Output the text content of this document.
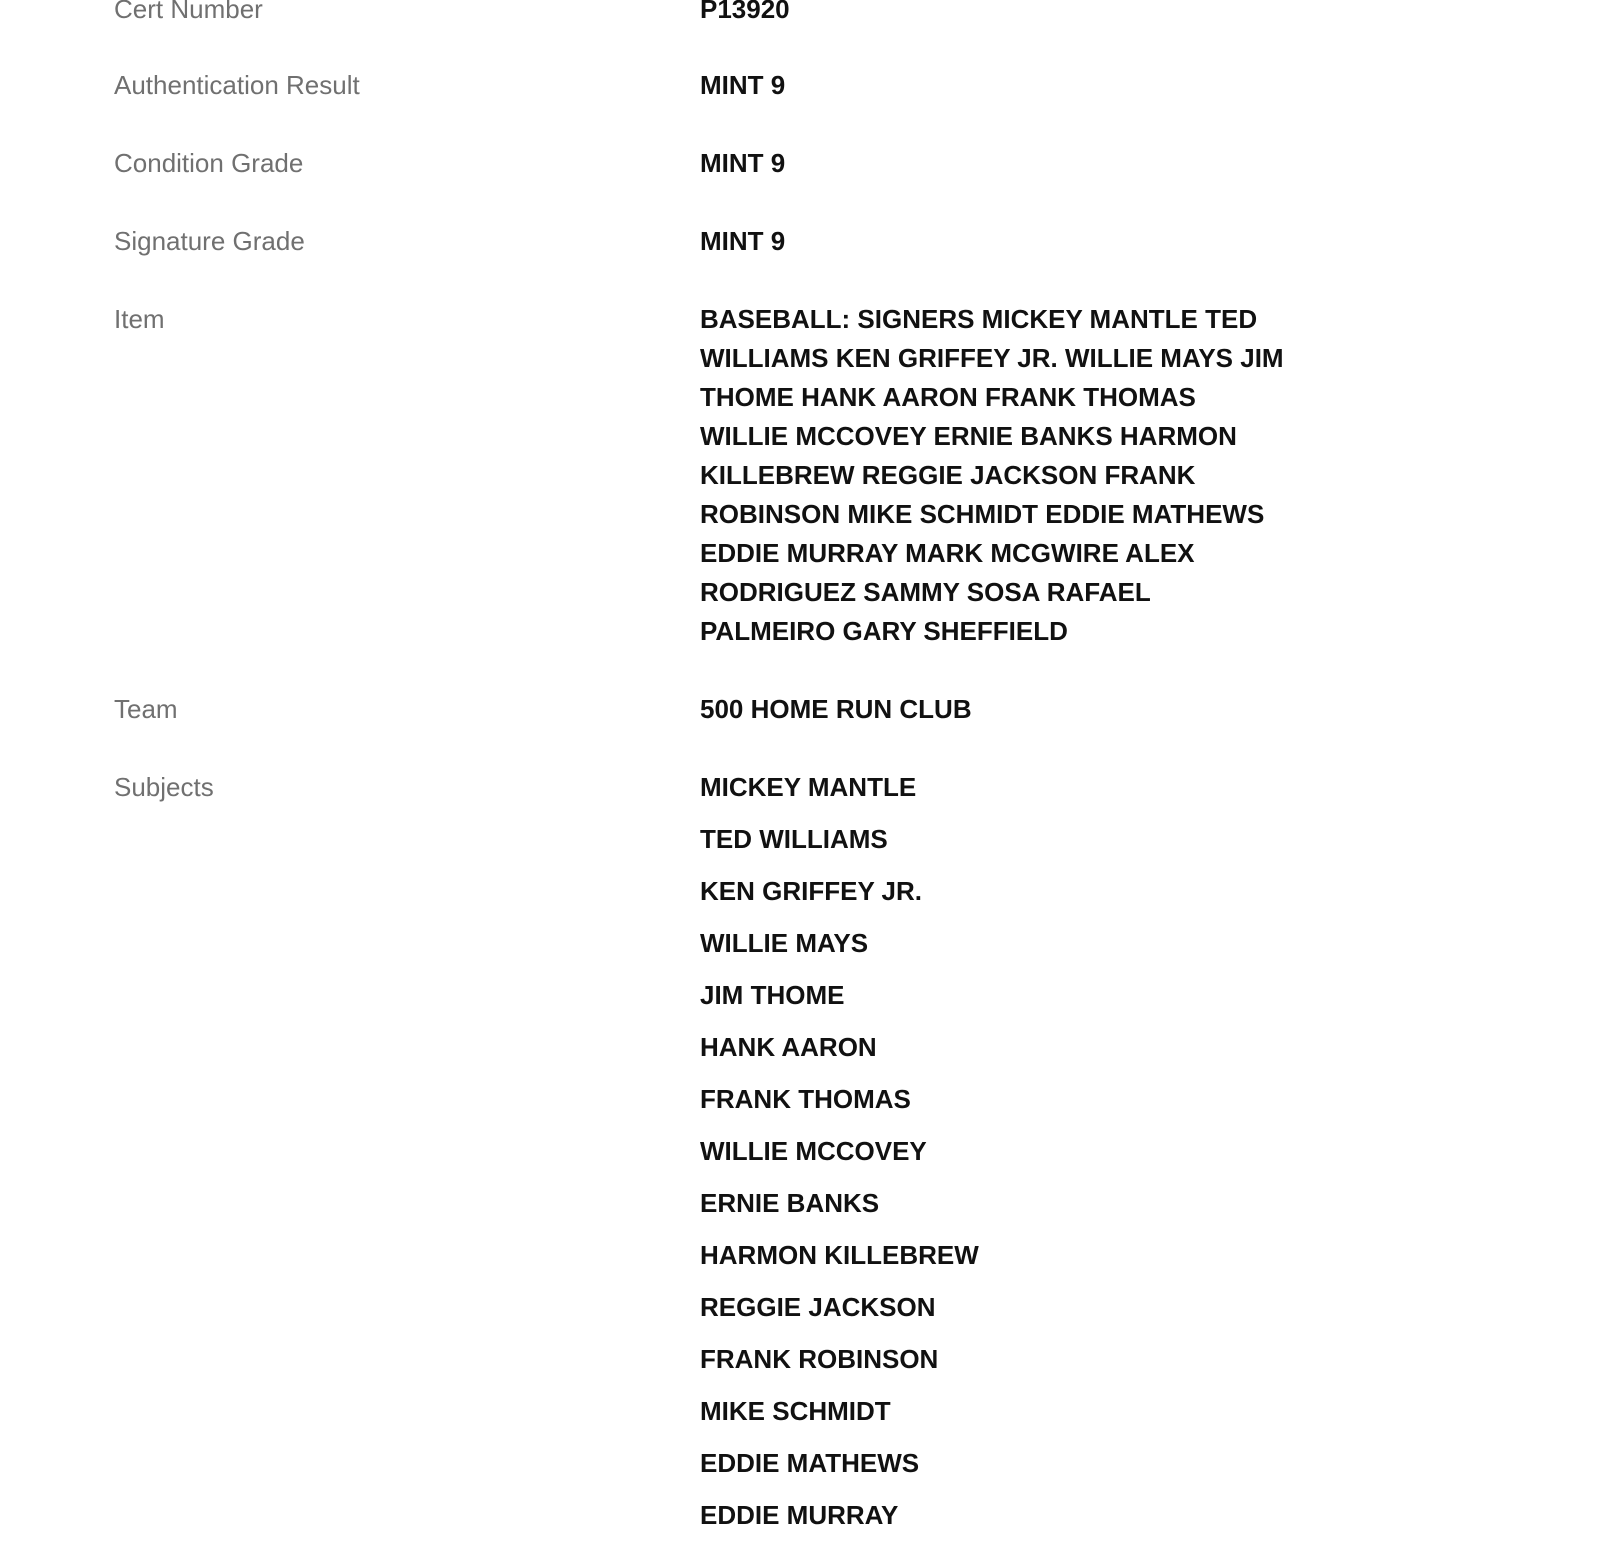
Cert Number	P13920
Authentication Result	MINT 9
Condition Grade	MINT 9
Signature Grade	MINT 9
Item	BASEBALL: SIGNERS MICKEY MANTLE TED
WILLIAMS KEN GRIFFEY JR. WILLIE MAYS JIM
THOME HANK AARON FRANK THOMAS
WILLIE MCCOVEY ERNIE BANKS HARMON
KILLEBREW REGGIE JACKSON FRANK
ROBINSON MIKE SCHMIDT EDDIE MATHEWS
EDDIE MURRAY MARK MCGWIRE ALEX
RODRIGUEZ SAMMY SOSA RAFAEL
PALMEIRO GARY SHEFFIELD
Team	500 HOME RUN CLUB
Subjects	MICKEY MANTLE
TED WILLIAMS
KEN GRIFFEY JR.
WILLIE MAYS
JIM THOME
HANK AARON
FRANK THOMAS
WILLIE MCCOVEY
ERNIE BANKS
HARMON KILLEBREW
REGGIE JACKSON
FRANK ROBINSON
MIKE SCHMIDT
EDDIE MATHEWS
EDDIE MURRAY
